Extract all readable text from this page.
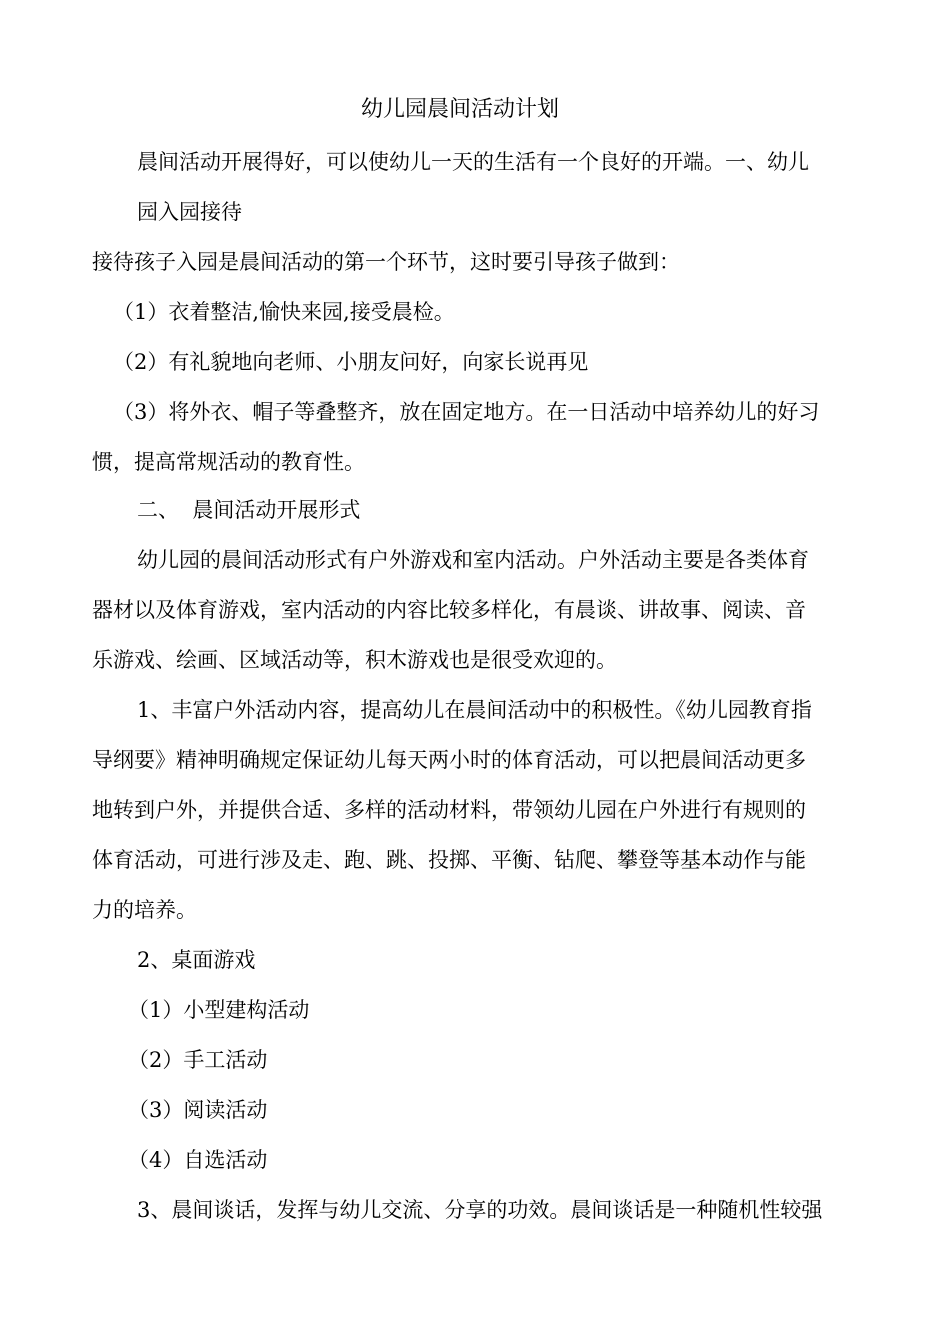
幼儿园晨间活动计划
晨间活动开展得好，可以使幼儿一天的生活有一个良好的开端。一、幼儿
园入园接待
接待孩子入园是晨间活动的第一个环节，这时要引导孩子做到：
（1）衣着整洁,愉快来园,接受晨检。
（2）有礼貌地向老师、小朋友问好，向家长说再见
（3）将外衣、帽子等叠整齐，放在固定地方。在一日活动中培养幼儿的好习
惯，提高常规活动的教育性。
二、  晨间活动开展形式
幼儿园的晨间活动形式有户外游戏和室内活动。户外活动主要是各类体育
器材以及体育游戏，室内活动的内容比较多样化，有晨谈、讲故事、阅读、音
乐游戏、绘画、区域活动等，积木游戏也是很受欢迎的。
1、丰富户外活动内容，提高幼儿在晨间活动中的积极性。《幼儿园教育指
导纲要》精神明确规定保证幼儿每天两小时的体育活动，可以把晨间活动更多
地转到户外，并提供合适、多样的活动材料，带领幼儿园在户外进行有规则的
体育活动，可进行涉及走、跑、跳、投掷、平衡、钻爬、攀登等基本动作与能
力的培养。
2、桌面游戏
（1）小型建构活动
（2）手工活动
（3）阅读活动
（4）自选活动
3、晨间谈话，发挥与幼儿交流、分享的功效。晨间谈话是一种随机性较强
